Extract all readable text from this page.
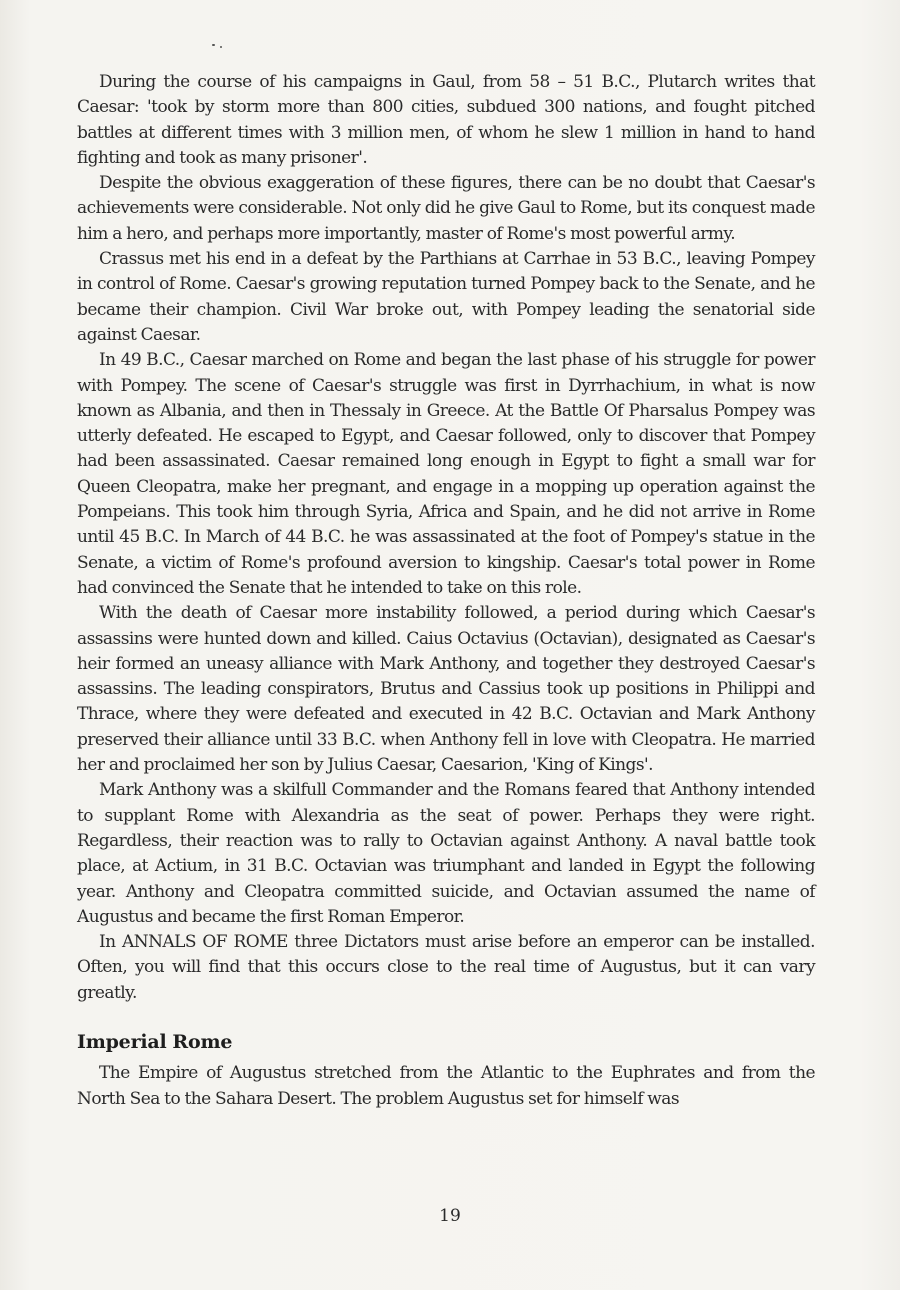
During the course of his campaigns in Gaul, from 58 – 51 B.C., Plutarch writes that Caesar: 'took by storm more than 800 cities, subdued 300 nations, and fought pitched battles at different times with 3 million men, of whom he slew 1 million in hand to hand fighting and took as many prisoner'.

Despite the obvious exaggeration of these figures, there can be no doubt that Caesar's achievements were considerable. Not only did he give Gaul to Rome, but its conquest made him a hero, and perhaps more importantly, master of Rome's most powerful army.

Crassus met his end in a defeat by the Parthians at Carrhae in 53 B.C., leaving Pompey in control of Rome. Caesar's growing reputation turned Pompey back to the Senate, and he became their champion. Civil War broke out, with Pompey leading the senatorial side against Caesar.

In 49 B.C., Caesar marched on Rome and began the last phase of his struggle for power with Pompey. The scene of Caesar's struggle was first in Dyrrhachium, in what is now known as Albania, and then in Thessaly in Greece. At the Battle Of Pharsalus Pompey was utterly defeated. He escaped to Egypt, and Caesar followed, only to discover that Pompey had been assassinated. Caesar remained long enough in Egypt to fight a small war for Queen Cleopatra, make her pregnant, and engage in a mopping up operation against the Pompeians. This took him through Syria, Africa and Spain, and he did not arrive in Rome until 45 B.C. In March of 44 B.C. he was assassinated at the foot of Pompey's statue in the Senate, a victim of Rome's profound aversion to kingship. Caesar's total power in Rome had convinced the Senate that he intended to take on this role.

With the death of Caesar more instability followed, a period during which Caesar's assassins were hunted down and killed. Caius Octavius (Octavian), designated as Caesar's heir formed an uneasy alliance with Mark Anthony, and together they destroyed Caesar's assassins. The leading conspirators, Brutus and Cassius took up positions in Philippi and Thrace, where they were defeated and executed in 42 B.C. Octavian and Mark Anthony preserved their alliance until 33 B.C. when Anthony fell in love with Cleopatra. He married her and proclaimed her son by Julius Caesar, Caesarion, 'King of Kings'.

Mark Anthony was a skilfull Commander and the Romans feared that Anthony intended to supplant Rome with Alexandria as the seat of power. Perhaps they were right. Regardless, their reaction was to rally to Octavian against Anthony. A naval battle took place, at Actium, in 31 B.C. Octavian was triumphant and landed in Egypt the following year. Anthony and Cleopatra committed suicide, and Octavian assumed the name of Augustus and became the first Roman Emperor.

In ANNALS OF ROME three Dictators must arise before an emperor can be installed. Often, you will find that this occurs close to the real time of Augustus, but it can vary greatly.

Imperial Rome

The Empire of Augustus stretched from the Atlantic to the Euphrates and from the North Sea to the Sahara Desert. The problem Augustus set for himself was

19
